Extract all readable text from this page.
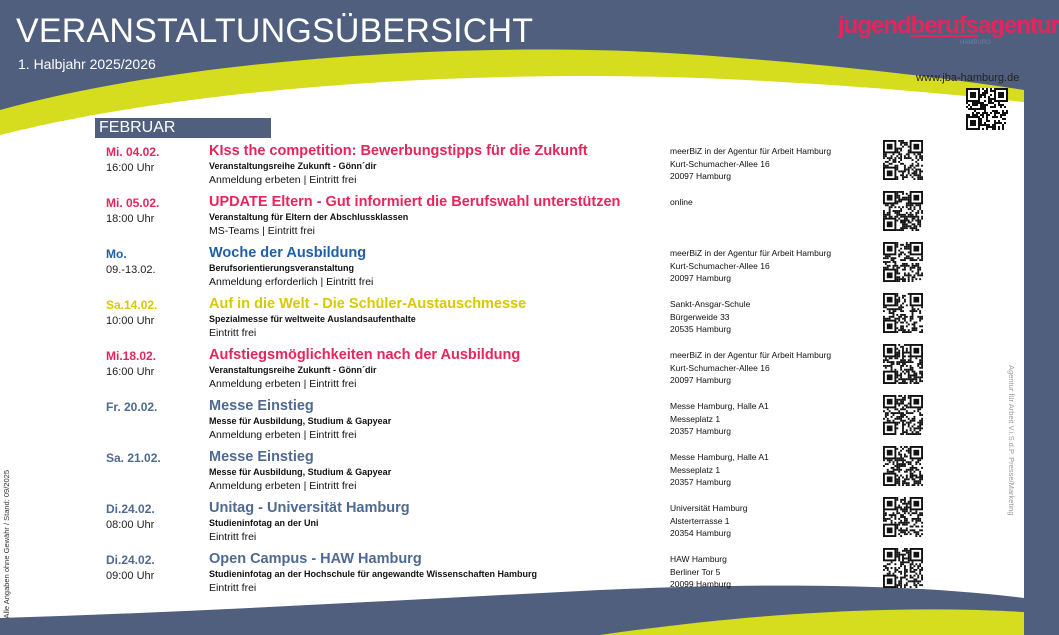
VERANSTALTUNGSÜBERSICHT
1. Halbjahr 2025/2026
jugendberufsagentur
HAMBURG
www.jba-hamburg.de
FEBRUAR
Mi. 04.02.
16:00 Uhr
KIss the competition: Bewerbungstipps für die Zukunft
Veranstaltungsreihe Zukunft - Gönn´dir
Anmeldung erbeten | Eintritt frei
meerBiZ in der Agentur für Arbeit Hamburg
Kurt-Schumacher-Allee 16
20097 Hamburg
Mi. 05.02.
18:00 Uhr
UPDATE Eltern - Gut informiert die Berufswahl unterstützen
Veranstaltung für Eltern der Abschlussklassen
MS-Teams | Eintritt frei
online
Mo.
09.-13.02.
Woche der Ausbildung
Berufsorientierungsveranstaltung
Anmeldung erforderlich | Eintritt frei
meerBiZ in der Agentur für Arbeit Hamburg
Kurt-Schumacher-Allee 16
20097 Hamburg
Sa.14.02.
10:00 Uhr
Auf in die Welt - Die Schüler-Austauschmesse
Spezialmesse für weltweite Auslandsaufenthalte
Eintritt frei
Sankt-Ansgar-Schule
Bürgerweide 33
20535 Hamburg
Mi.18.02.
16:00 Uhr
Aufstiegsmöglichkeiten nach der Ausbildung
Veranstaltungsreihe Zukunft - Gönn´dir
Anmeldung erbeten | Eintritt frei
meerBiZ in der Agentur für Arbeit Hamburg
Kurt-Schumacher-Allee 16
20097 Hamburg
Fr. 20.02.	Messe Einstieg
Messe für Ausbildung, Studium & Gapyear
Anmeldung erbeten | Eintritt frei
Messe Hamburg, Halle A1
Messeplatz 1
20357 Hamburg
Sa. 21.02.	Messe Einstieg
Messe für Ausbildung, Studium & Gapyear
Anmeldung erbeten | Eintritt frei
Messe Hamburg, Halle A1
Messeplatz 1
20357 Hamburg
Di.24.02.
08:00 Uhr
Unitag - Universität Hamburg
Studieninfotag an der Uni
Eintritt frei
Universität Hamburg
Alsterterrasse 1
20354 Hamburg
Di.24.02.
09:00 Uhr
Open Campus - HAW Hamburg
Studieninfotag an der Hochschule für angewandte Wissenschaften Hamburg
Eintritt frei
HAW Hamburg
Berliner Tor 5
20099 Hamburg
Agentur für Arbeit V.i.S.d.P. Presse/Marketing
Alle Angaben ohne Gewähr / Stand: 09/2025
